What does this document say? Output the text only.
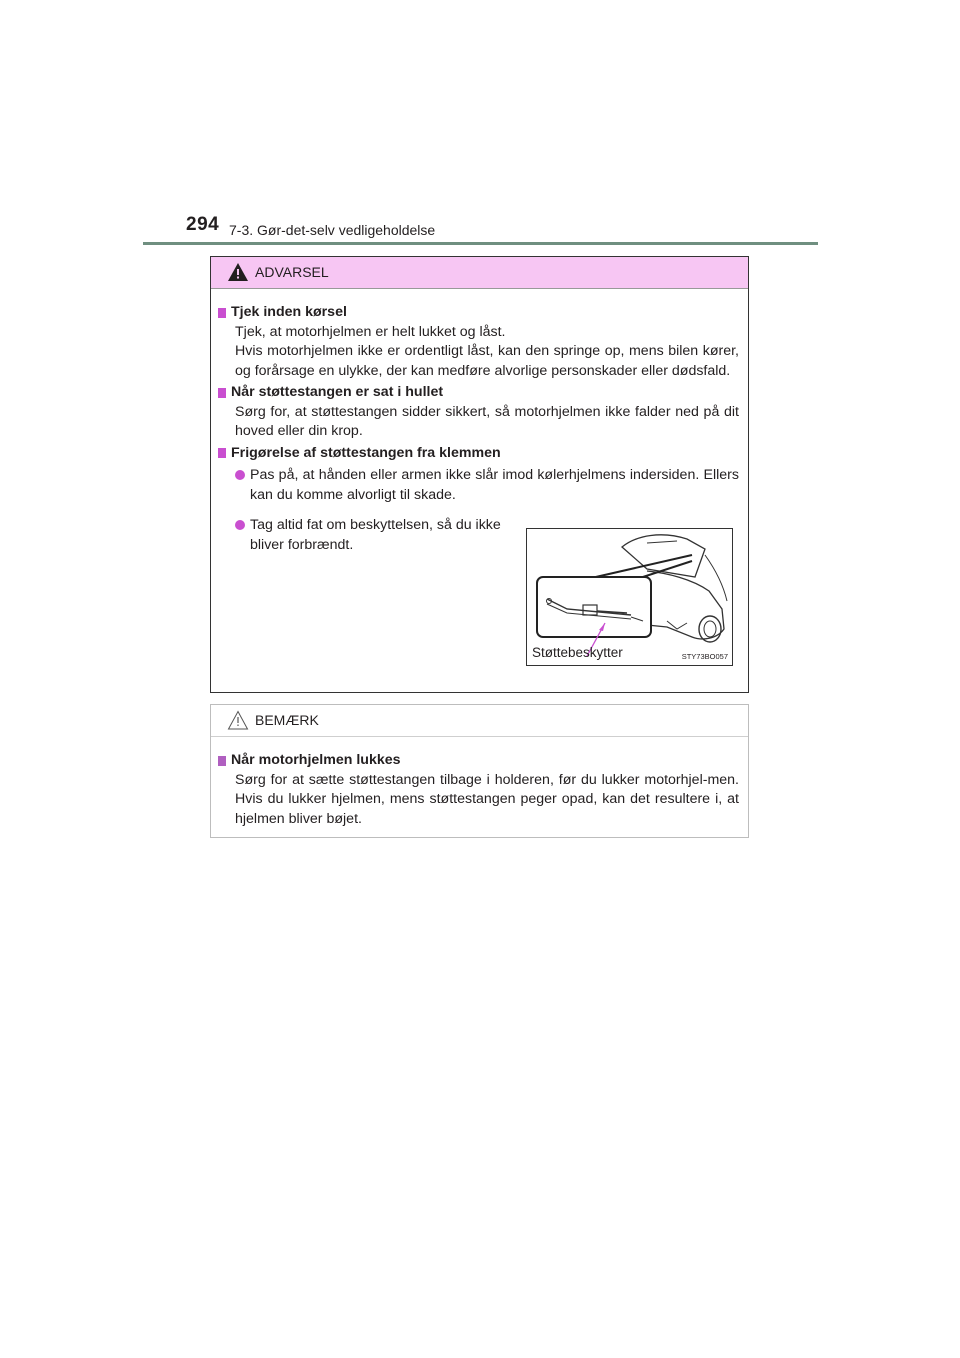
294 7-3. Gør-det-selv vedligeholdelse
ADVARSEL
Tjek inden kørsel

Tjek, at motorhjelmen er helt lukket og låst.

Hvis motorhjelmen ikke er ordentligt låst, kan den springe op, mens bilen kører, og forårsage en ulykke, der kan medføre alvorlige personskader eller dødsfald.

Når støttestangen er sat i hullet

Sørg for, at støttestangen sidder sikkert, så motorhjelmen ikke falder ned på dit hoved eller din krop.

Frigørelse af støttestangen fra klemmen
Pas på, at hånden eller armen ikke slår imod kølerhjelmens indersiden. Ellers kan du komme alvorligt til skade.
Tag altid fat om beskyttelsen, så du ikke bliver forbrændt.
Støttebeskytter	STY73BO057
BEMÆRK
Når motorhjelmen lukkes

Sørg for at sætte støttestangen tilbage i holderen, før du lukker motorhjel-men. Hvis du lukker hjelmen, mens støttestangen peger opad, kan det resultere i, at hjelmen bliver bøjet.
